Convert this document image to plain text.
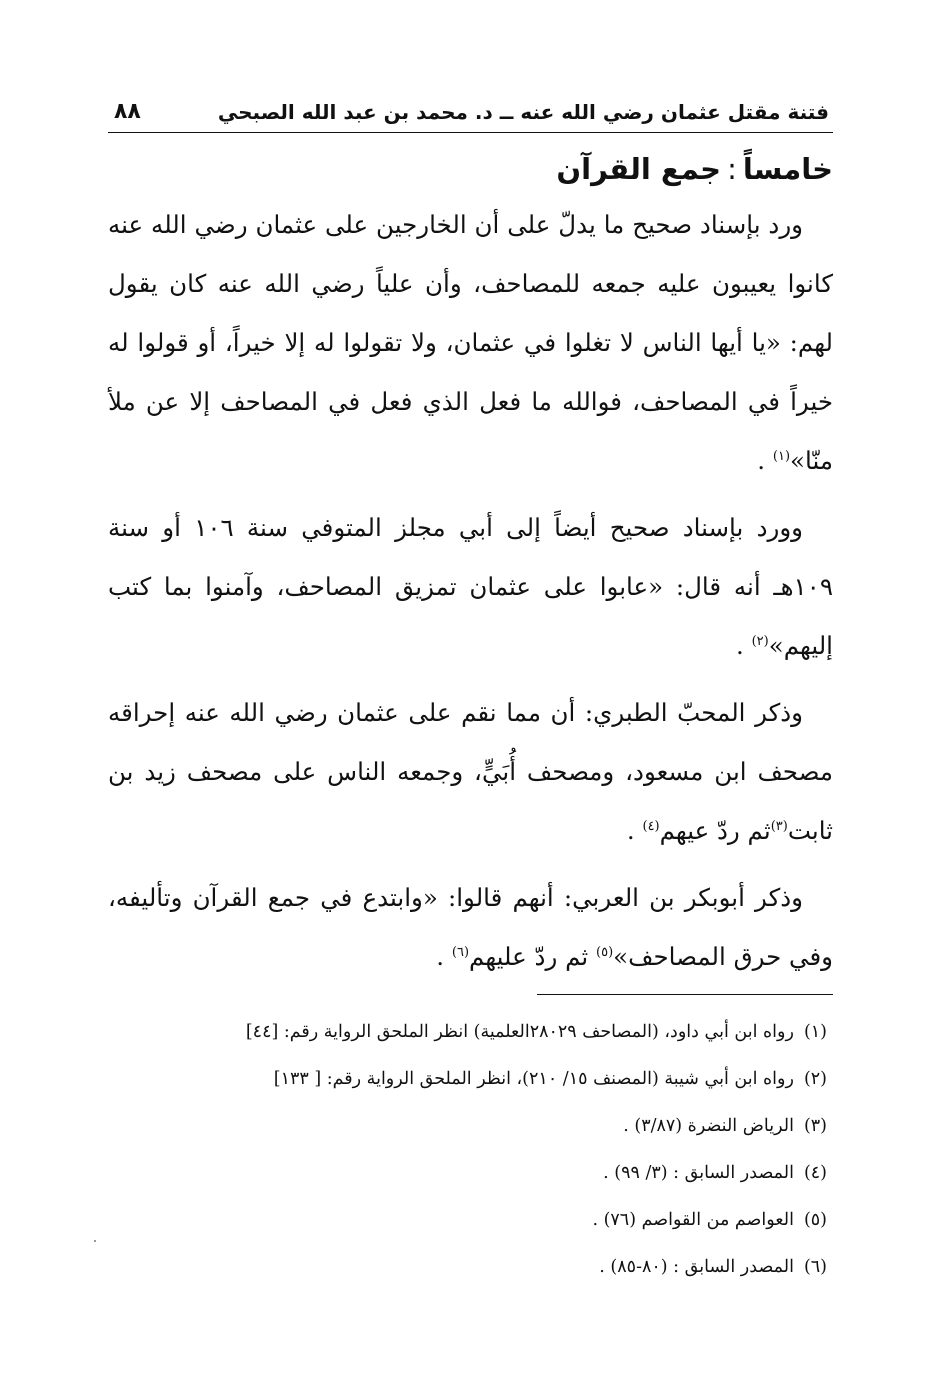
فتنة مقتل عثمان رضي الله عنه ــ د. محمد بن عبد الله الصبحي
٨٨
خامساً:جمع القرآن

ورد بإسناد صحيح ما يدلّ على أن الخارجين على عثمان رضي الله عنه كانوا يعيبون عليه جمعه للمصاحف، وأن علياً رضي الله عنه كان يقول لهم: «يا أيها الناس لا تغلوا في عثمان، ولا تقولوا له إلا خيراً، أو قولوا له خيراً في المصاحف، فوالله ما فعل الذي فعل في المصاحف إلا عن ملأ منّا»$^{(١)}$ .

وورد بإسناد صحيح أيضاً إلى أبي مجلز المتوفي سنة ١٠٦ أو سنة ١٠٩هـ أنه قال: «عابوا على عثمان تمزيق المصاحف، وآمنوا بما كتب إليهم»$^{(٢)}$ .

وذكر المحبّ الطبري: أن مما نقم على عثمان رضي الله عنه إحراقه مصحف ابن مسعود، ومصحف أُبَيٍّ، وجمعه الناس على مصحف زيد بن ثابت$^{(٣)}$ثم ردّ عيهم$^{(٤)}$ .

وذكر أبوبكر بن العربي: أنهم قالوا: «وابتدع في جمع القرآن وتأليفه، وفي حرق المصاحف»$^{(٥)}$ ثم ردّ عليهم$^{(٦)}$ .

(١)
رواه ابن أبي داود، (المصاحف ٢٨٠٢٩العلمية) انظر الملحق الرواية رقم: [٤٤]
(٢)
رواه ابن أبي شيبة (المصنف ١٥/ ٢١٠)، انظر الملحق الرواية رقم: [ ١٣٣]
(٣)
الرياض النضرة (٣/٨٧) .
(٤)
المصدر السابق : (٣/ ٩٩) .
(٥)
العواصم من القواصم (٧٦) .
(٦)
المصدر السابق : (٨٠-٨٥) .
